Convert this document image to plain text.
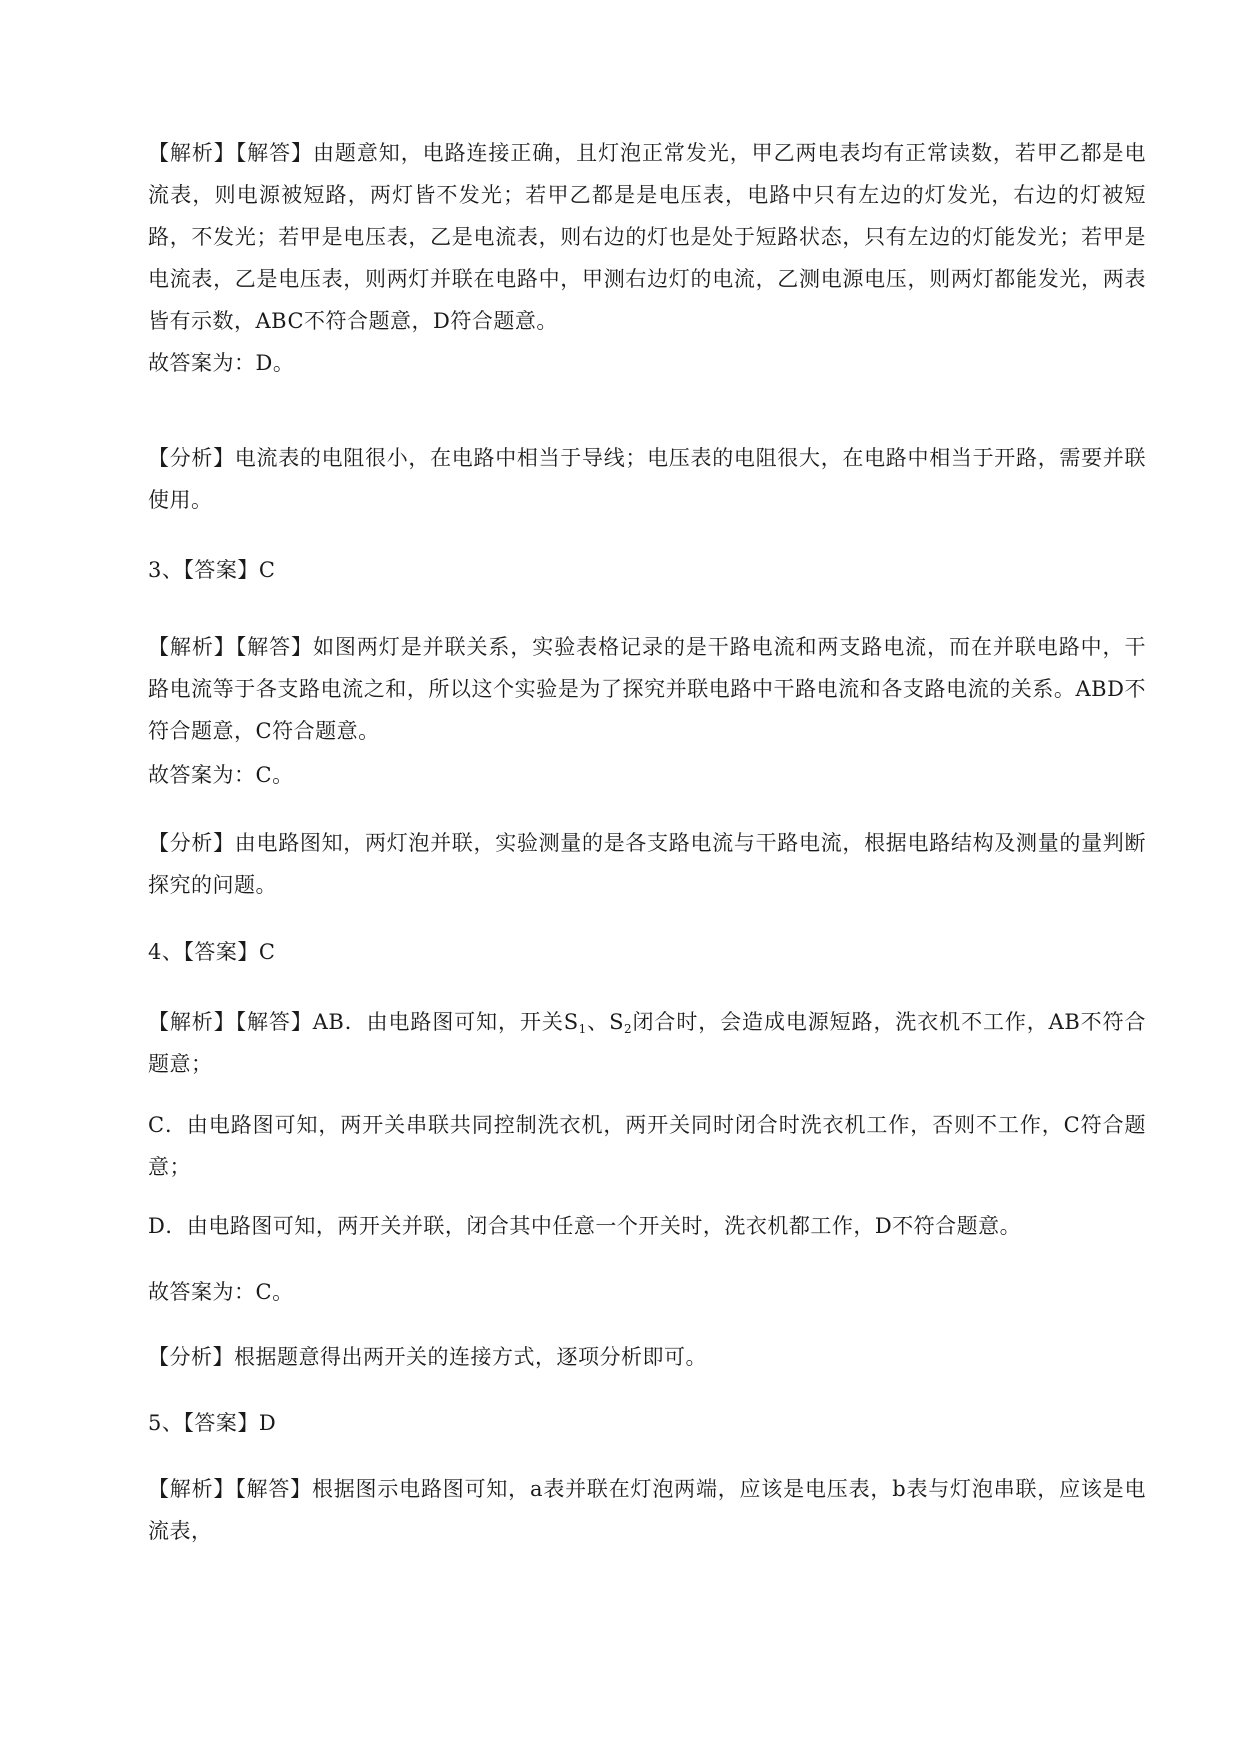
【解析】【解答】由题意知，电路连接正确，且灯泡正常发光，甲乙两电表均有正常读数，若甲乙都是电流表，则电源被短路，两灯皆不发光；若甲乙都是是电压表，电路中只有左边的灯发光，右边的灯被短路，不发光；若甲是电压表，乙是电流表，则右边的灯也是处于短路状态，只有左边的灯能发光；若甲是电流表，乙是电压表，则两灯并联在电路中，甲测右边灯的电流，乙测电源电压，则两灯都能发光，两表皆有示数，ABC不符合题意，D符合题意。

故答案为：D。

【分析】电流表的电阻很小，在电路中相当于导线；电压表的电阻很大，在电路中相当于开路，需要并联使用。

3、【答案】C

【解析】【解答】如图两灯是并联关系，实验表格记录的是干路电流和两支路电流，而在并联电路中，干路电流等于各支路电流之和，所以这个实验是为了探究并联电路中干路电流和各支路电流的关系。ABD不符合题意，C符合题意。

故答案为：C。

【分析】由电路图知，两灯泡并联，实验测量的是各支路电流与干路电流，根据电路结构及测量的量判断探究的问题。

4、【答案】C

【解析】【解答】AB．由电路图可知，开关$S_1$、$S_2$闭合时，会造成电源短路，洗衣机不工作，AB不符合题意；

C．由电路图可知，两开关串联共同控制洗衣机，两开关同时闭合时洗衣机工作，否则不工作，C符合题意；

D．由电路图可知，两开关并联，闭合其中任意一个开关时，洗衣机都工作，D不符合题意。

故答案为：C。

【分析】根据题意得出两开关的连接方式，逐项分析即可。

5、【答案】D

【解析】【解答】根据图示电路图可知，a表并联在灯泡两端，应该是电压表，b表与灯泡串联，应该是电流表，
